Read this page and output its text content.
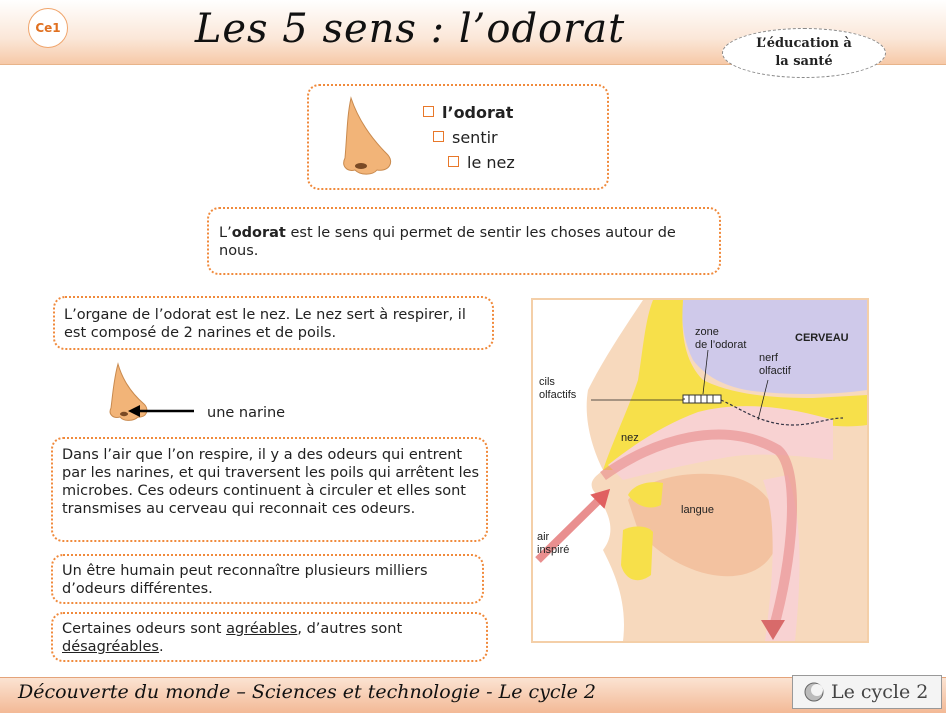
Ce1	Les 5 sens : l’odorat	L’éducation à
la santé
l’odorat
sentir
le nez
L’odorat est le sens qui permet de sentir les choses autour de nous.
L’organe de l’odorat est le nez. Le nez sert à respirer, il est composé de 2 narines et de poils.
une narine
Dans l’air que l’on respire, il y a des odeurs qui entrent par les narines, et qui traversent les poils qui arrêtent les microbes. Ces odeurs continuent à circuler et elles sont transmises au cerveau qui reconnait ces odeurs.
Un être humain peut reconnaître plusieurs milliers d’odeurs différentes.
Certaines odeurs sont agréables, d’autres sont désagréables.
zone
de l’odorat
CERVEAU
nerf
olfactif
cils
olfactifs
nez
langue
air
inspiré
Découverte du monde – Sciences et technologie - Le cycle 2	Le cycle 2
